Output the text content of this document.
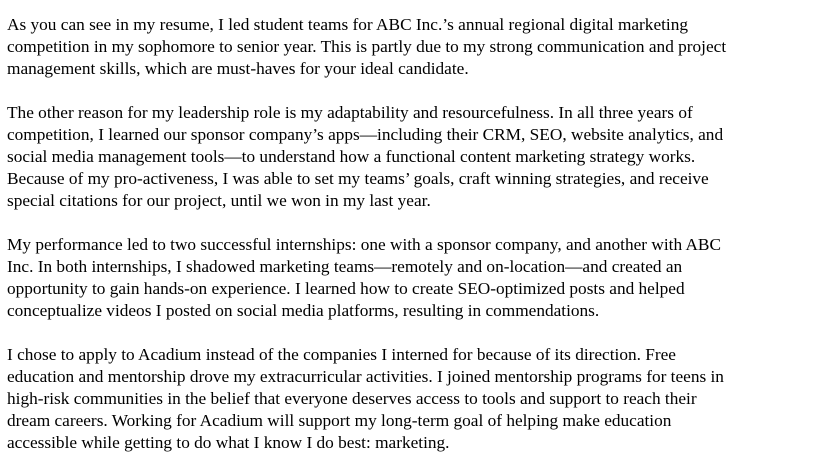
As you can see in my resume, I led student teams for ABC Inc.’s annual regional digital marketing
competition in my sophomore to senior year. This is partly due to my strong communication and project
management skills, which are must-haves for your ideal candidate.

The other reason for my leadership role is my adaptability and resourcefulness. In all three years of
competition, I learned our sponsor company’s apps—including their CRM, SEO, website analytics, and
social media management tools—to understand how a functional content marketing strategy works.
Because of my pro-activeness, I was able to set my teams’ goals, craft winning strategies, and receive
special citations for our project, until we won in my last year.

My performance led to two successful internships: one with a sponsor company, and another with ABC
Inc. In both internships, I shadowed marketing teams—remotely and on-location—and created an
opportunity to gain hands-on experience. I learned how to create SEO-optimized posts and helped
conceptualize videos I posted on social media platforms, resulting in commendations.

I chose to apply to Acadium instead of the companies I interned for because of its direction. Free
education and mentorship drove my extracurricular activities. I joined mentorship programs for teens in
high-risk communities in the belief that everyone deserves access to tools and support to reach their
dream careers. Working for Acadium will support my long-term goal of helping make education
accessible while getting to do what I know I do best: marketing.
